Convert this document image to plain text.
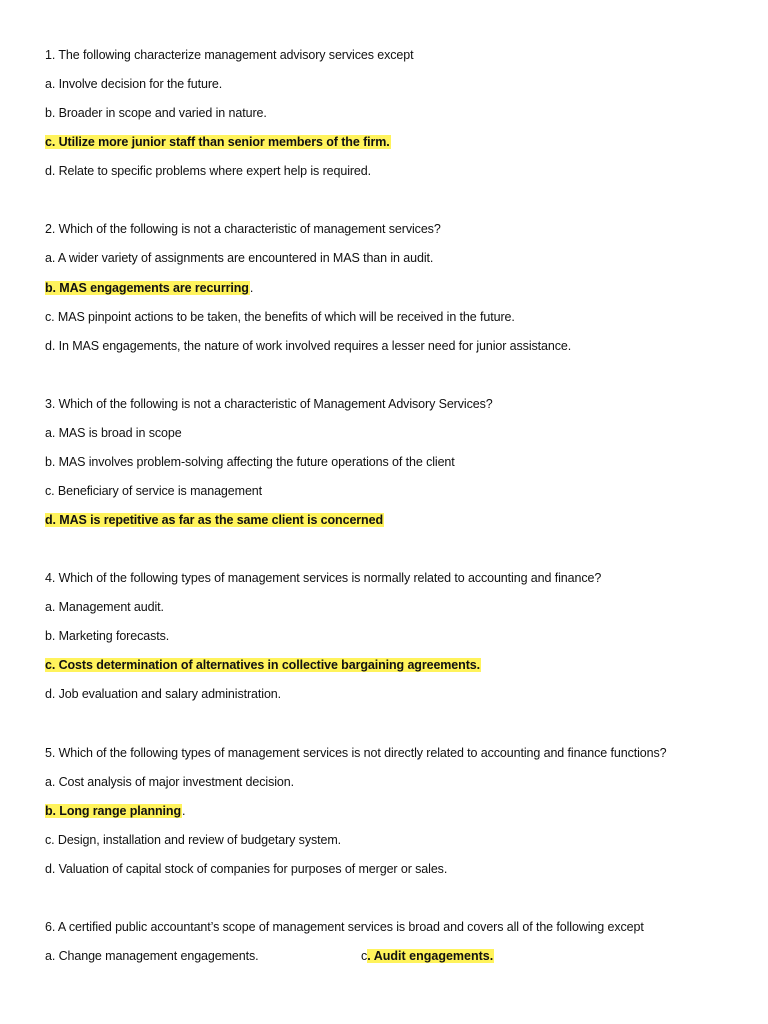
1. The following characterize management advisory services except
a. Involve decision for the future.
b. Broader in scope and varied in nature.
c. Utilize more junior staff than senior members of the firm.
d. Relate to specific problems where expert help is required.
2. Which of the following is not a characteristic of management services?
a. A wider variety of assignments are encountered in MAS than in audit.
b. MAS engagements are recurring.
c. MAS pinpoint actions to be taken, the benefits of which will be received in the future.
d. In MAS engagements, the nature of work involved requires a lesser need for junior assistance.
3. Which of the following is not a characteristic of Management Advisory Services?
a. MAS is broad in scope
b. MAS involves problem-solving affecting the future operations of the client
c. Beneficiary of service is management
d. MAS is repetitive as far as the same client is concerned
4. Which of the following types of management services is normally related to accounting and finance?
a. Management audit.
b. Marketing forecasts.
c. Costs determination of alternatives in collective bargaining agreements.
d. Job evaluation and salary administration.
5. Which of the following types of management services is not directly related to accounting and finance functions?
a. Cost analysis of major investment decision.
b. Long range planning.
c. Design, installation and review of budgetary system.
d. Valuation of capital stock of companies for purposes of merger or sales.
6. A certified public accountant’s scope of management services is broad and covers all of the following except
a. Change management engagements.	c. Audit engagements.
